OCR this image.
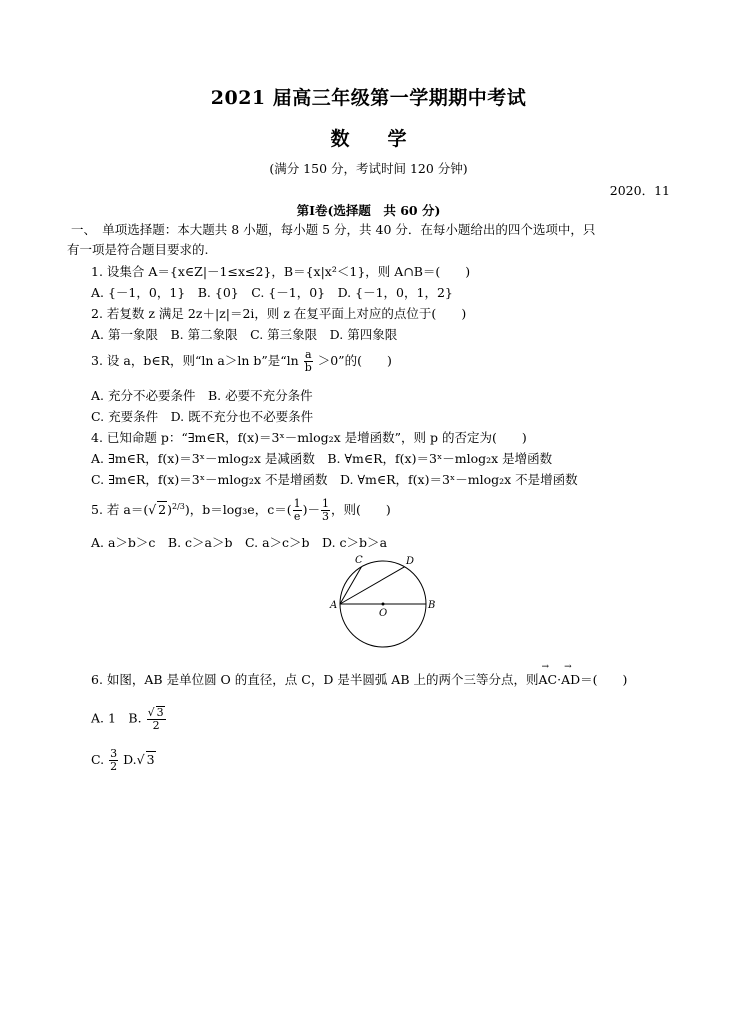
2021 届高三年级第一学期期中考试
数　　学
(满分 150 分，考试时间 120 分钟)
2020．11
第Ⅰ卷(选择题　共 60 分)
一、　单项选择题：本大题共 8 小题，每小题 5 分，共 40 分．在每小题给出的四个选项中，只
有一项是符合题目要求的.
1. 设集合 A＝{x∈Z|－1≤x≤2}，B＝{x|x²＜1}，则 A∩B＝(　　)
A. {－1，0，1}　B. {0}　C. {－1，0}　D. {－1，0，1，2}
2. 若复数 z 满足 2z＋|z|＝2i，则 z 在复平面上对应的点位于(　　)
A. 第一象限　B. 第二象限　C. 第三象限　D. 第四象限
3. 设 a，b∈R，则“ln a＞ln b”是“$\ln \frac{a}{b} >0$”的(　　)
A. 充分不必要条件　B. 必要不充分条件
C. 充要条件　D. 既不充分也不必要条件
4. 已知命题 p：“∃m∈R，f(x)＝3ˣ－mlog₂x 是增函数”，则 p 的否定为(　　)
A. ∃m∈R，f(x)＝3ˣ－mlog₂x 是减函数　B. ∀m∈R，f(x)＝3ˣ－mlog₂x 是增函数
C. ∃m∈R，f(x)＝3ˣ－mlog₂x 不是增函数　D. ∀m∈R，f(x)＝3ˣ－mlog₂x 不是增函数
5. 若 a＝(√ 2)$^{2/3}$)，b＝log₃e，$c=( \frac{1}{e}$ )－ $\frac{1}{3}$ ，则(　　)
A. a＞b＞c　B. c＞a＞b　C. a＞c＞b　D. c＞b＞a
A	B
C	D
O
6. 如图，AB 是单位圆 O 的直径，点 C，D 是半圆弧 AB 上的两个三等分点，则→ AC·→ AD＝(　　)
A. 1　B. $\frac{√ 3}{2}$
C. $\frac{3}{2} D.√$ 3
